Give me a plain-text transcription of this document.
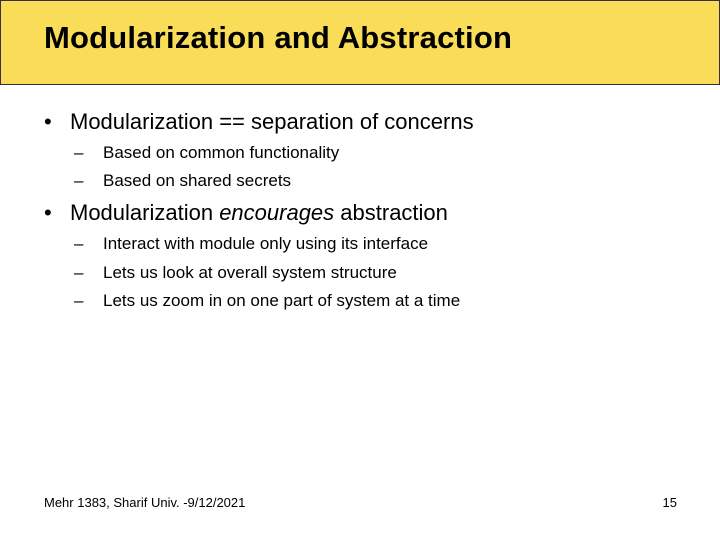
Modularization and Abstraction
• Modularization == separation of concerns
– Based on common functionality
– Based on shared secrets
• Modularization encourages abstraction
– Interact with module only using its interface
– Lets us look at overall system structure
– Lets us zoom in on one part of system at a time
Mehr 1383, Sharif Univ. -9/12/2021	15
